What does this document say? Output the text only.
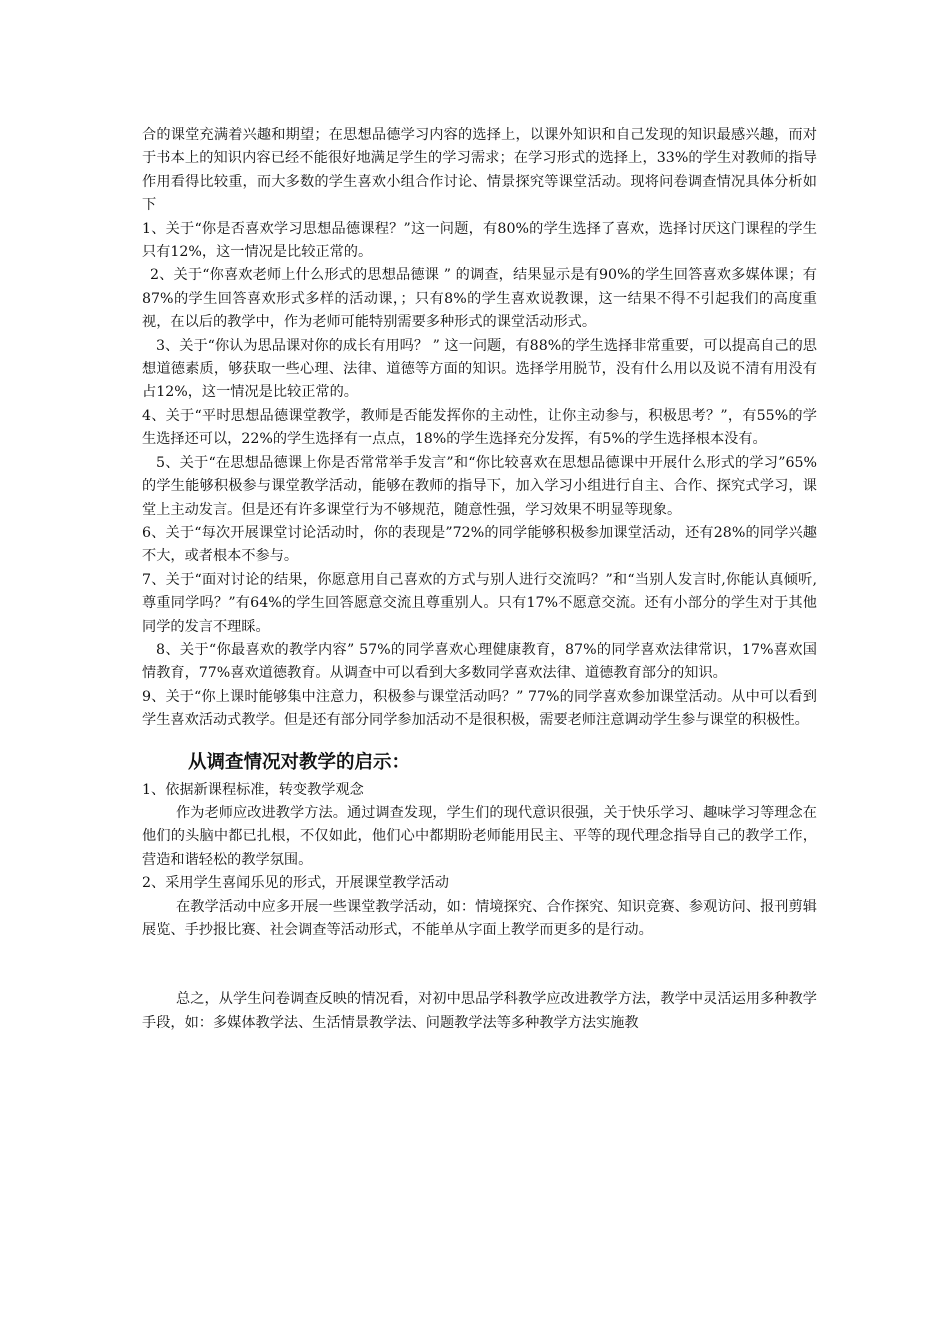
合的课堂充满着兴趣和期望；在思想品德学习内容的选择上，以课外知识和自己发现的知识最感兴趣，而对于书本上的知识内容已经不能很好地满足学生的学习需求；在学习形式的选择上，33%的学生对教师的指导作用看得比较重，而大多数的学生喜欢小组合作讨论、情景探究等课堂活动。现将问卷调查情况具体分析如下

1、关于“你是否喜欢学习思想品德课程？”这一问题，有80%的学生选择了喜欢，选择讨厌这门课程的学生只有12%，这一情况是比较正常的。

2、关于“你喜欢老师上什么形式的思想品德课 ” 的调查，结果显示是有90%的学生回答喜欢多媒体课；有87%的学生回答喜欢形式多样的活动课，；只有8%的学生喜欢说教课，这一结果不得不引起我们的高度重视，在以后的教学中，作为老师可能特别需要多种形式的课堂活动形式。

3、关于“你认为思品课对你的成长有用吗？ ” 这一问题，有88%的学生选择非常重要，可以提高自己的思想道德素质，够获取一些心理、法律、道德等方面的知识。选择学用脱节，没有什么用以及说不清有用没有占12%，这一情况是比较正常的。

4、关于“平时思想品德课堂教学，教师是否能发挥你的主动性，让你主动参与，积极思考？”，有55%的学生选择还可以，22%的学生选择有一点点，18%的学生选择充分发挥，有5%的学生选择根本没有。

5、关于“在思想品德课上你是否常常举手发言”和“你比较喜欢在思想品德课中开展什么形式的学习”65%的学生能够积极参与课堂教学活动，能够在教师的指导下，加入学习小组进行自主、合作、探究式学习，课堂上主动发言。但是还有许多课堂行为不够规范，随意性强，学习效果不明显等现象。

6、关于“每次开展课堂讨论活动时，你的表现是”72%的同学能够积极参加课堂活动，还有28%的同学兴趣不大，或者根本不参与。

7、关于“面对讨论的结果，你愿意用自己喜欢的方式与别人进行交流吗？”和“当别人发言时,你能认真倾听,尊重同学吗？”有64%的学生回答愿意交流且尊重别人。只有17%不愿意交流。还有小部分的学生对于其他同学的发言不理睬。

8、关于“你最喜欢的教学内容” 57%的同学喜欢心理健康教育，87%的同学喜欢法律常识，17%喜欢国情教育，77%喜欢道德教育。从调查中可以看到大多数同学喜欢法律、道德教育部分的知识。

9、关于“你上课时能够集中注意力，积极参与课堂活动吗？” 77%的同学喜欢参加课堂活动。从中可以看到学生喜欢活动式教学。但是还有部分同学参加活动不是很积极，需要老师注意调动学生参与课堂的积极性。

从调查情况对教学的启示：

1、依据新课程标准，转变教学观念

作为老师应改进教学方法。通过调查发现，学生们的现代意识很强，关于快乐学习、趣味学习等理念在他们的头脑中都已扎根，不仅如此，他们心中都期盼老师能用民主、平等的现代理念指导自己的教学工作，营造和谐轻松的教学氛围。

2、采用学生喜闻乐见的形式，开展课堂教学活动

在教学活动中应多开展一些课堂教学活动，如：情境探究、合作探究、知识竞赛、参观访问、报刊剪辑展览、手抄报比赛、社会调查等活动形式，不能单从字面上教学而更多的是行动。

总之，从学生问卷调查反映的情况看，对初中思品学科教学应改进教学方法，教学中灵活运用多种教学手段，如：多媒体教学法、生活情景教学法、问题教学法等多种教学方法实施教
